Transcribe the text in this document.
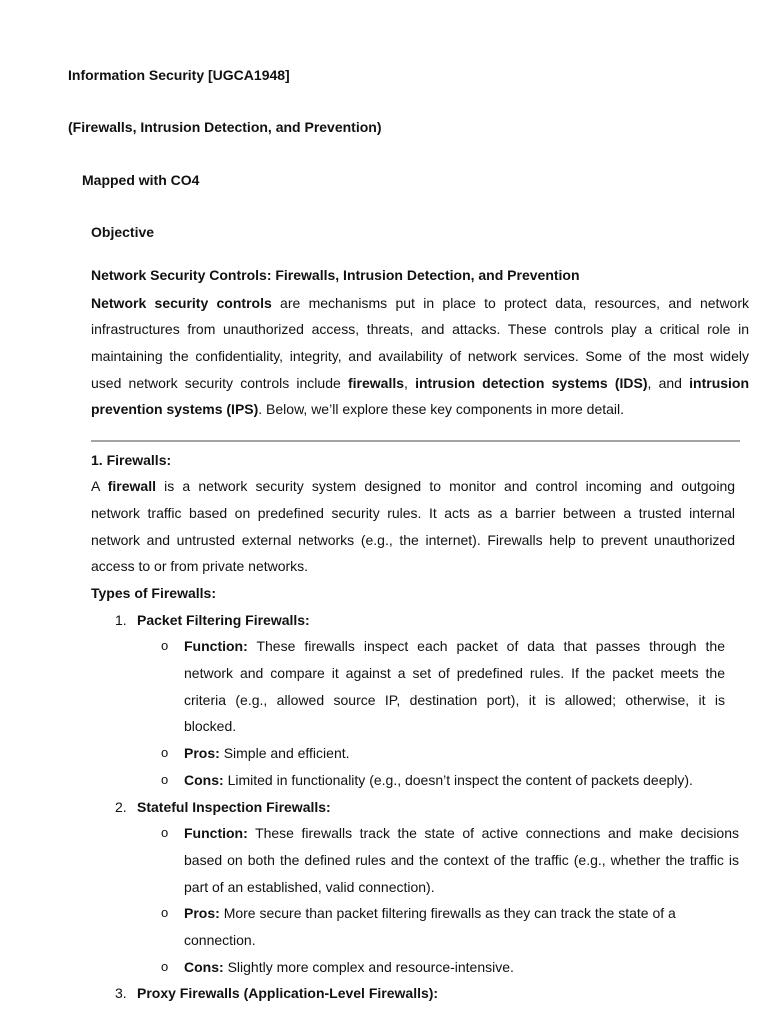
Information Security [UGCA1948]
(Firewalls, Intrusion Detection, and Prevention)
Mapped with CO4
Objective
Network Security Controls: Firewalls, Intrusion Detection, and Prevention
Network security controls are mechanisms put in place to protect data, resources, and network
infrastructures from unauthorized access, threats, and attacks. These controls play a critical role in
maintaining the confidentiality, integrity, and availability of network services. Some of the most widely
used network security controls include firewalls, intrusion detection systems (IDS), and intrusion
prevention systems (IPS). Below, we’ll explore these key components in more detail.
1. Firewalls:
A firewall is a network security system designed to monitor and control incoming and outgoing
network traffic based on predefined security rules. It acts as a barrier between a trusted internal
network and untrusted external networks (e.g., the internet). Firewalls help to prevent unauthorized
access to or from private networks.
Types of Firewalls:
1. Packet Filtering Firewalls:
o Function: These firewalls inspect each packet of data that passes through the
network and compare it against a set of predefined rules. If the packet meets the
criteria (e.g., allowed source IP, destination port), it is allowed; otherwise, it is
blocked.
o Pros: Simple and efficient.
o Cons: Limited in functionality (e.g., doesn’t inspect the content of packets deeply).
2. Stateful Inspection Firewalls:
o Function: These firewalls track the state of active connections and make decisions
based on both the defined rules and the context of the traffic (e.g., whether the traffic is
part of an established, valid connection).
o Pros: More secure than packet filtering firewalls as they can track the state of a
connection.
o Cons: Slightly more complex and resource-intensive.
3. Proxy Firewalls (Application-Level Firewalls):
